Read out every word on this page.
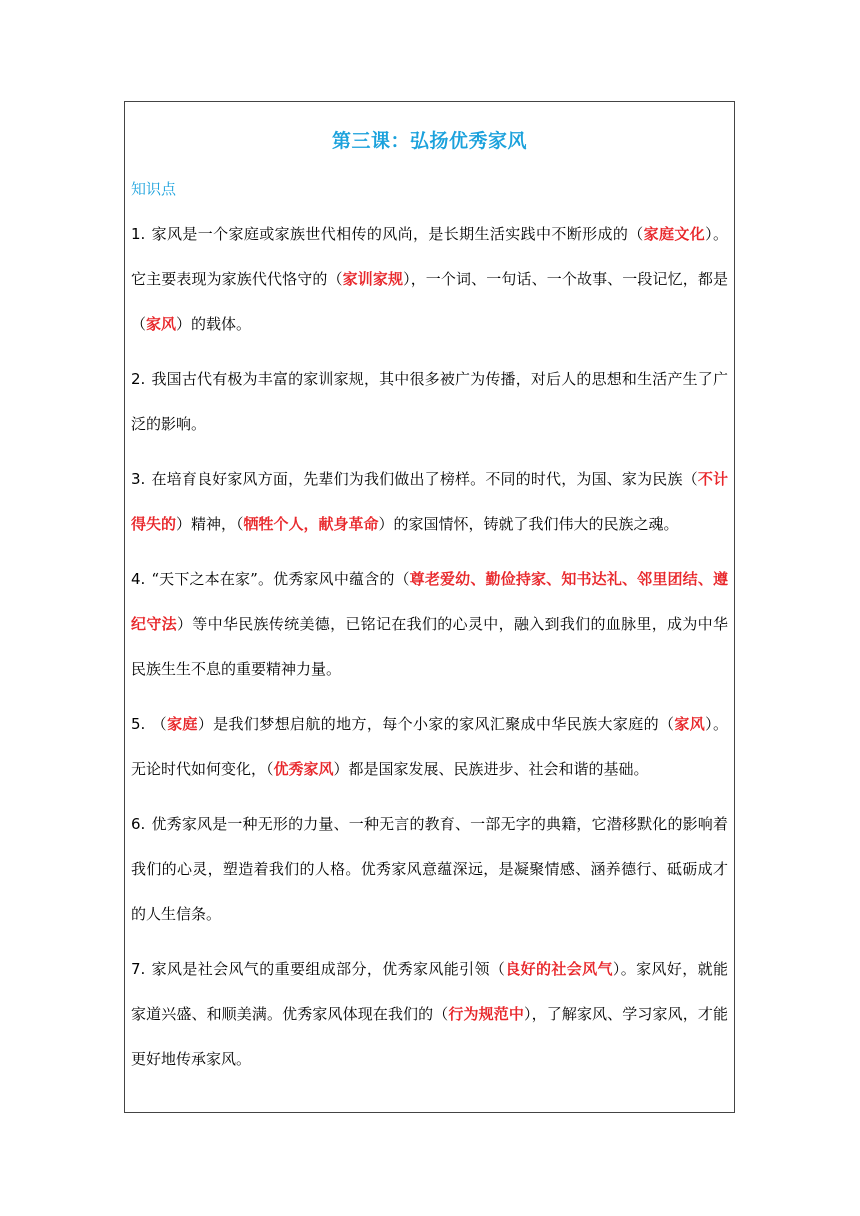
第三课：弘扬优秀家风
知识点

1. 家风是一个家庭或家族世代相传的风尚，是长期生活实践中不断形成的（家庭文化）。它主要表现为家族代代恪守的（家训家规），一个词、一句话、一个故事、一段记忆，都是（家风）的载体。

2. 我国古代有极为丰富的家训家规，其中很多被广为传播，对后人的思想和生活产生了广泛的影响。

3. 在培育良好家风方面，先辈们为我们做出了榜样。不同的时代，为国、家为民族（不计得失的）精神，（牺牲个人，献身革命）的家国情怀，铸就了我们伟大的民族之魂。

4. “天下之本在家”。优秀家风中蕴含的（尊老爱幼、勤俭持家、知书达礼、邻里团结、遵纪守法）等中华民族传统美德，已铭记在我们的心灵中，融入到我们的血脉里，成为中华民族生生不息的重要精神力量。

5. （家庭）是我们梦想启航的地方，每个小家的家风汇聚成中华民族大家庭的（家风）。无论时代如何变化，（优秀家风）都是国家发展、民族进步、社会和谐的基础。

6. 优秀家风是一种无形的力量、一种无言的教育、一部无字的典籍，它潜移默化的影响着我们的心灵，塑造着我们的人格。优秀家风意蕴深远，是凝聚情感、涵养德行、砥砺成才的人生信条。

7. 家风是社会风气的重要组成部分，优秀家风能引领（良好的社会风气）。家风好，就能家道兴盛、和顺美满。优秀家风体现在我们的（行为规范中），了解家风、学习家风，才能更好地传承家风。
